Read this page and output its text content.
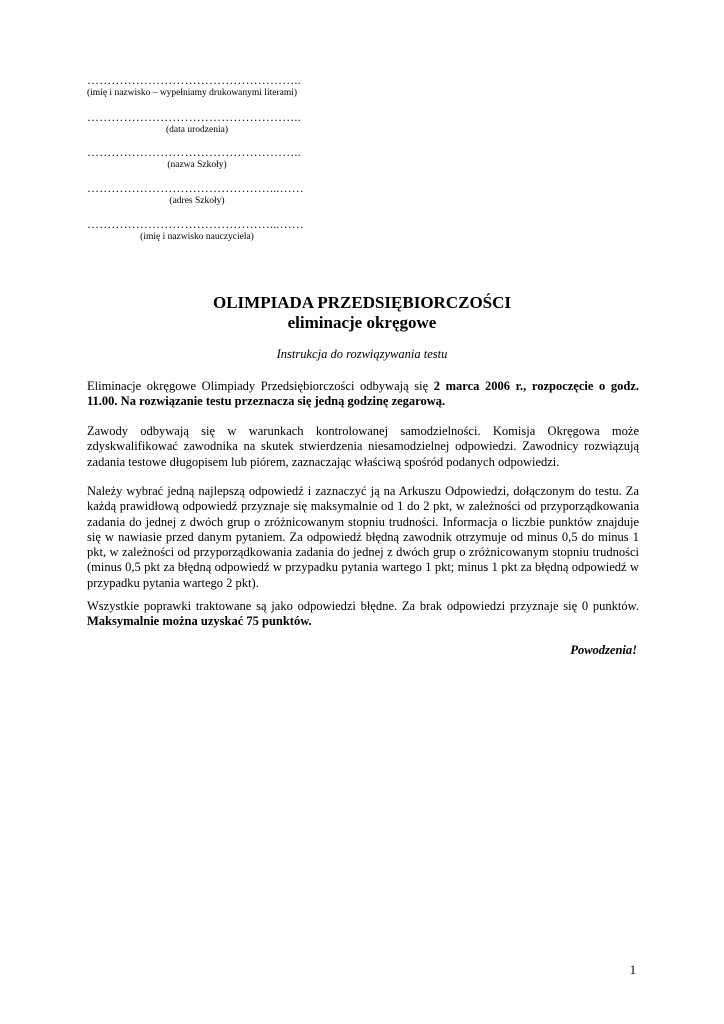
……………………………………………..
(imię i nazwisko – wypełniamy drukowanymi literami)
……………………………………………..
(data urodzenia)
……………………………………………..
(nazwa Szkoły)
………………………………………...……
(adres Szkoły)
………………………………………...……
(imię i nazwisko nauczyciela)
OLIMPIADA PRZEDSIĘBIORCZOŚCI
eliminacje okręgowe
Instrukcja do rozwiązywania testu
Eliminacje okręgowe Olimpiady Przedsiębiorczości odbywają się 2 marca 2006 r., rozpoczęcie o godz. 11.00. Na rozwiązanie testu przeznacza się jedną godzinę zegarową.
Zawody odbywają się w warunkach kontrolowanej samodzielności. Komisja Okręgowa może zdyskwalifikować zawodnika na skutek stwierdzenia niesamodzielnej odpowiedzi. Zawodnicy rozwiązują zadania testowe długopisem lub piórem, zaznaczając właściwą spośród podanych odpowiedzi.
Należy wybrać jedną najlepszą odpowiedź i zaznaczyć ją na Arkuszu Odpowiedzi, dołączonym do testu. Za każdą prawidłową odpowiedź przyznaje się maksymalnie od 1 do 2 pkt, w zależności od przyporządkowania zadania do jednej z dwóch grup o zróżnicowanym stopniu trudności. Informacja o liczbie punktów znajduje się w nawiasie przed danym pytaniem. Za odpowiedź błędną zawodnik otrzymuje od minus 0,5 do minus 1 pkt, w zależności od przyporządkowania zadania do jednej z dwóch grup o zróżnicowanym stopniu trudności (minus 0,5 pkt za błędną odpowiedź w przypadku pytania wartego 1 pkt; minus 1 pkt za błędną odpowiedź w przypadku pytania wartego 2 pkt).
Wszystkie poprawki traktowane są jako odpowiedzi błędne. Za brak odpowiedzi przyznaje się 0 punktów. Maksymalnie można uzyskać 75 punktów.
Powodzenia!
1
